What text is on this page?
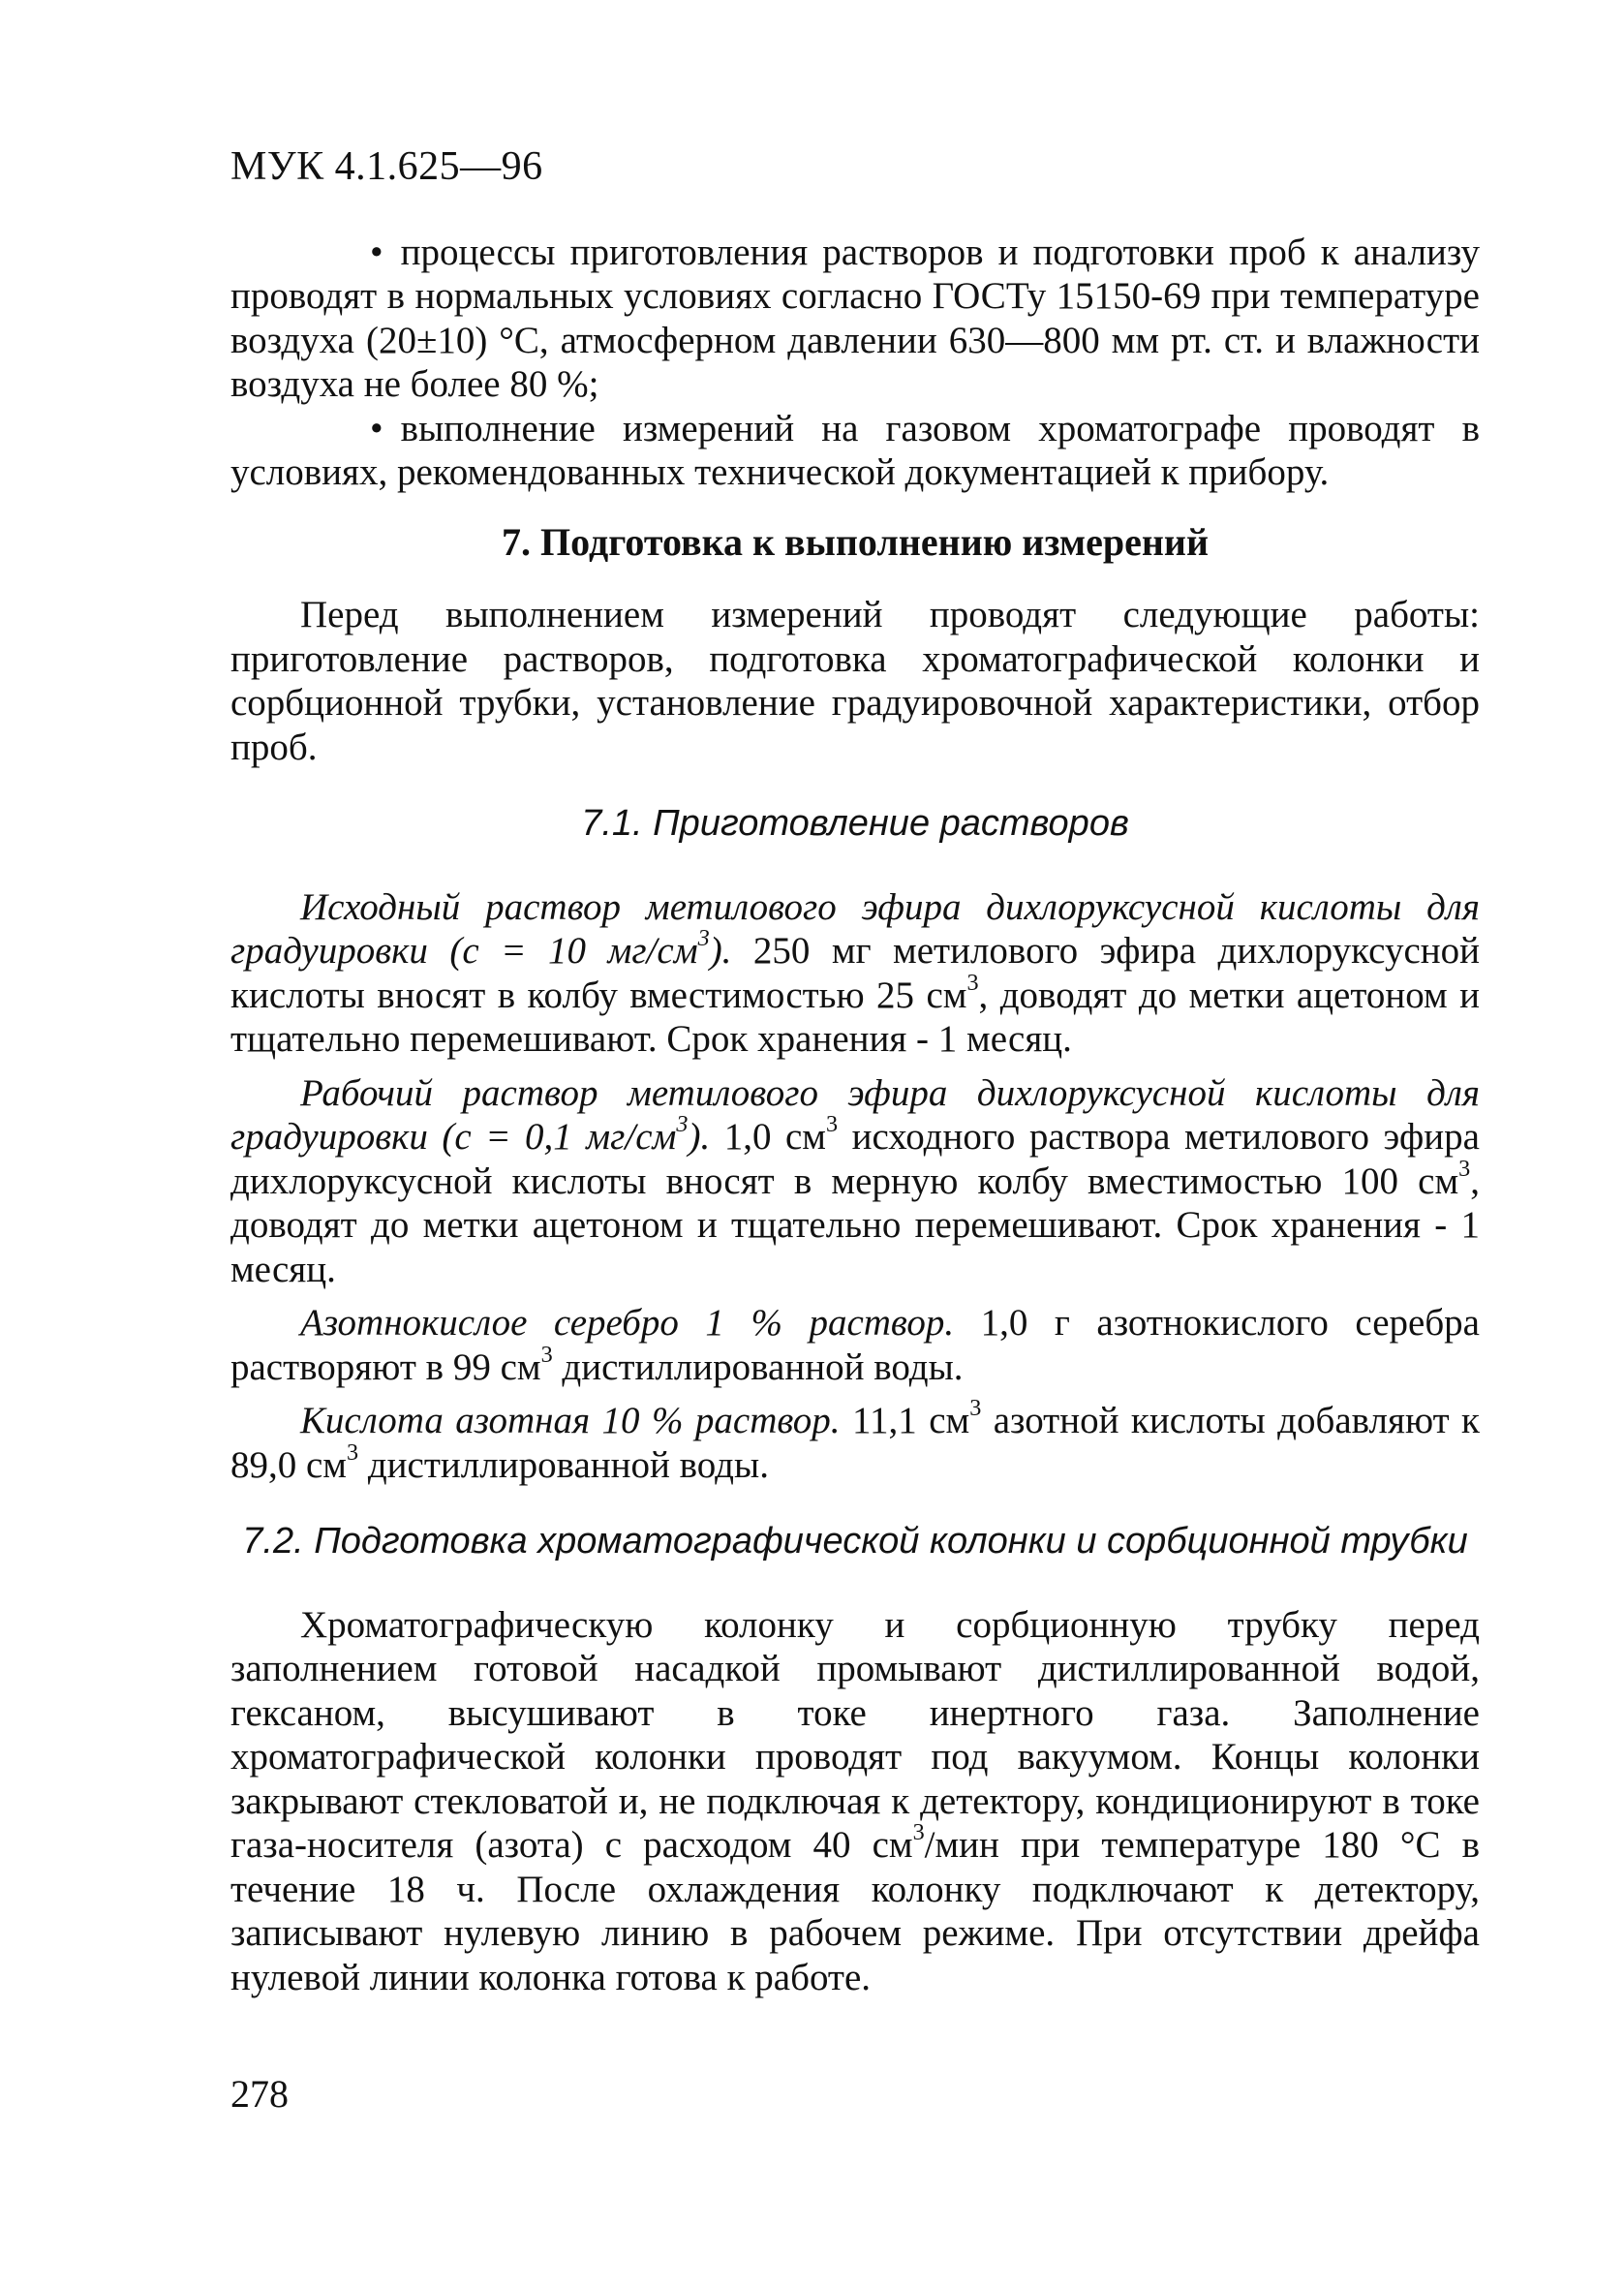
МУК 4.1.625—96

• процессы приготовления растворов и подготовки проб к анализу проводят в нормальных условиях согласно ГОСТу 15150-69 при температуре воздуха (20±10) °С, атмосферном давлении 630—800 мм рт. ст. и влажности воздуха не более 80 %;

• выполнение измерений на газовом хроматографе проводят в условиях, рекомендованных технической документацией к прибору.

7. Подготовка к выполнению измерений

Перед выполнением измерений проводят следующие работы: приготовление растворов, подготовка хроматографической колонки и сорбционной трубки, установление градуировочной характеристики, отбор проб.

7.1. Приготовление растворов

Исходный раствор метилового эфира дихлоруксусной кислоты для градуировки (с = 10 $мг/см^3$). 250 мг метилового эфира дихлоруксусной кислоты вносят в колбу вместимостью 25 $см^3$, доводят до метки ацетоном и тщательно перемешивают. Срок хранения - 1 месяц.

Рабочий раствор метилового эфира дихлоруксусной кислоты для градуировки (с = 0,1 $мг/см^3$). 1,0 $см^3$ исходного раствора метилового эфира дихлоруксусной кислоты вносят в мерную колбу вместимостью 100 $см^3$, доводят до метки ацетоном и тщательно перемешивают. Срок хранения - 1 месяц.

Азотнокислое серебро 1 % раствор. 1,0 г азотнокислого серебра растворяют в 99 $см^3$ дистиллированной воды.

Кислота азотная 10 % раствор. 11,1 $см^3$ азотной кислоты добавляют к 89,0 $см^3$ дистиллированной воды.

7.2. Подготовка хроматографической колонки и сорбционной трубки

Хроматографическую колонку и сорбционную трубку перед заполнением готовой насадкой промывают дистиллированной водой, гексаном, высушивают в токе инертного газа. Заполнение хроматографической колонки проводят под вакуумом. Концы колонки закрывают стекловатой и, не подключая к детектору, кондиционируют в токе газа-носителя (азота) с расходом 40 $см^3$/мин при температуре 180 °С в течение 18 ч. После охлаждения колонку подключают к детектору, записывают нулевую линию в рабочем режиме. При отсутствии дрейфа нулевой линии колонка готова к работе.

278
